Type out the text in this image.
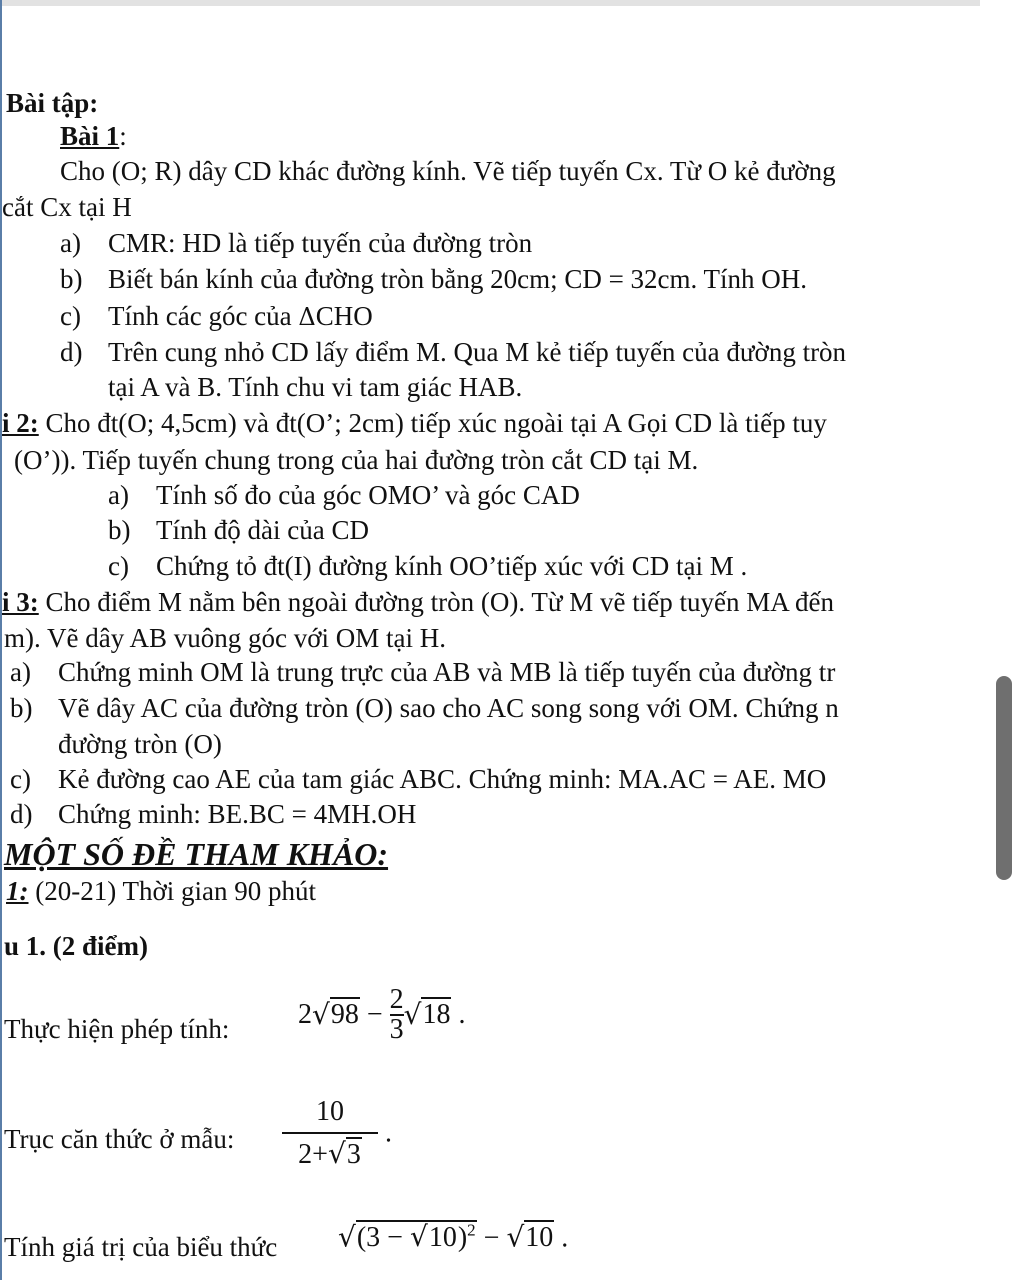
Bài tập:
Bài 1:
Cho (O; R) dây CD khác đường kính. Vẽ tiếp tuyến Cx. Từ O kẻ đường
cắt Cx tại H
a) CMR: HD là tiếp tuyến của đường tròn
b) Biết bán kính của đường tròn bằng 20cm; CD = 32cm. Tính OH.
c) Tính các góc của ΔCHO
d) Trên cung nhỏ CD lấy điểm M. Qua M kẻ tiếp tuyến của đường tròn
tại A và B. Tính chu vi tam giác HAB.
i 2: Cho đt(O; 4,5cm) và đt(O’; 2cm) tiếp xúc ngoài tại A Gọi CD là tiếp tuy
(O’)). Tiếp tuyến chung trong của hai đường tròn cắt CD tại M.
a) Tính số đo của góc OMO’ và góc CAD
b) Tính độ dài của CD
c) Chứng tỏ đt(I) đường kính OO’tiếp xúc với CD tại M .
i 3: Cho điểm M nằm bên ngoài đường tròn (O). Từ M vẽ tiếp tuyến MA đến
m). Vẽ dây AB vuông góc với OM tại H.
a) Chứng minh OM là trung trực của AB và MB là tiếp tuyến của đường tr
b) Vẽ dây AC của đường tròn (O) sao cho AC song song với OM. Chứng n
đường tròn (O)
c) Kẻ đường cao AE của tam giác ABC. Chứng minh: MA.AC = AE. MO
d) Chứng minh: BE.BC = 4MH.OH
MỘT SỐ ĐỀ THAM KHẢO:
1: (20-21) Thời gian 90 phút
u 1. (2 điểm)
Thực hiện phép tính: $2√98 - \frac{2}{3} √18$ .
Trục căn thức ở mẫu: $\frac{10}{2+√3}$ .
Tính giá trị của biểu thức $√(3 - √10)^2 - √10$ .
